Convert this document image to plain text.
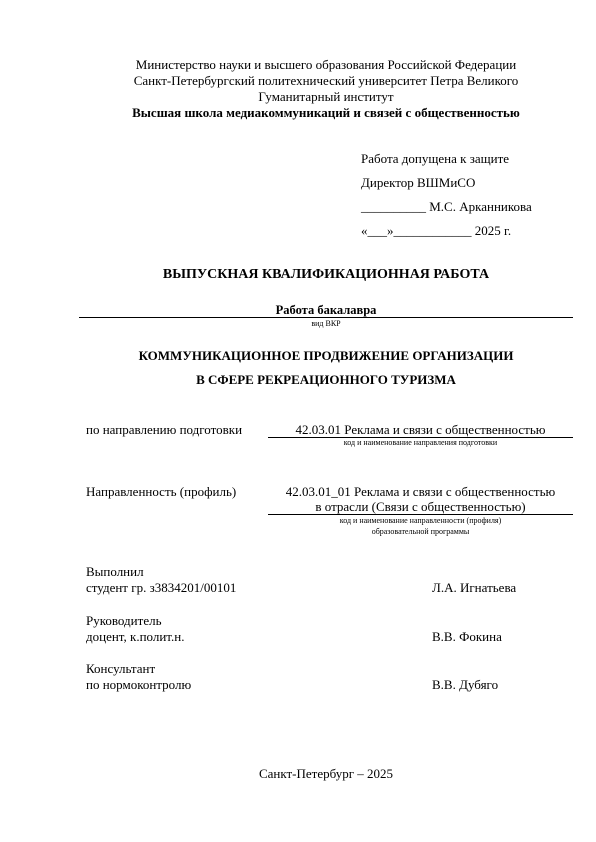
Министерство науки и высшего образования Российской Федерации
Санкт-Петербургский политехнический университет Петра Великого
Гуманитарный институт
Высшая школа медиакоммуникаций и связей с общественностью
Работа допущена к защите
Директор ВШМиСО
__________ М.С. Арканникова
«___»____________ 2025 г.
ВЫПУСКНАЯ КВАЛИФИКАЦИОННАЯ РАБОТА
Работа бакалавра
вид ВКР
КОММУНИКАЦИОННОЕ ПРОДВИЖЕНИЕ ОРГАНИЗАЦИИ
В СФЕРЕ РЕКРЕАЦИОННОГО ТУРИЗМА
по направлению подготовки	42.03.01 Реклама и связи с общественностью
код и наименование направления подготовки
Направленность (профиль)	42.03.01_01 Реклама и связи с общественностью
в отрасли (Связи с общественностью)
код и наименование направленности (профиля)
образовательной программы
Выполнил
студент гр. з3834201/00101	Л.А. Игнатьева
Руководитель
доцент, к.полит.н.	В.В. Фокина
Консультант
по нормоконтролю	В.В. Дубяго
Санкт-Петербург – 2025
